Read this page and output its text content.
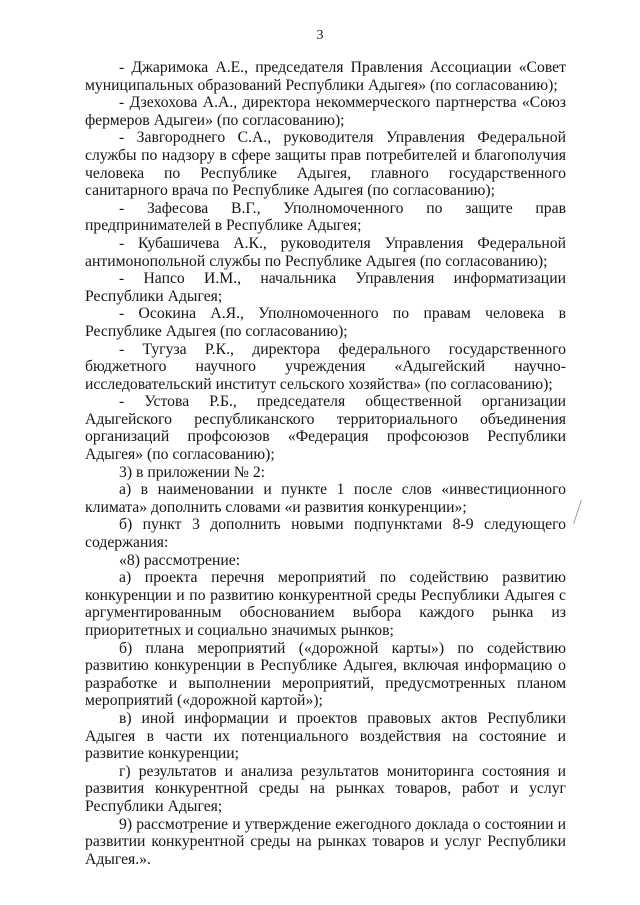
3

- Джаримока А.Е., председателя Правления Ассоциации «Совет муниципальных образований Республики Адыгея» (по согласованию);

- Дзехохова А.А., директора некоммерческого партнерства «Союз фермеров Адыгеи» (по согласованию);

- Завгороднего С.А., руководителя Управления Федеральной службы по надзору в сфере защиты прав потребителей и благополучия человека по Республике Адыгея, главного государственного санитарного врача по Республике Адыгея (по согласованию);

- Зафесова В.Г., Уполномоченного по защите прав предпринимателей в Республике Адыгея;

- Кубашичева А.К., руководителя Управления Федеральной антимонопольной службы по Республике Адыгея (по согласованию);

- Напсо И.М., начальника Управления информатизации Республики Адыгея;

- Осокина А.Я., Уполномоченного по правам человека в Республике Адыгея (по согласованию);

- Тугуза Р.К., директора федерального государственного бюджетного научного учреждения «Адыгейский научно-исследовательский институт сельского хозяйства» (по согласованию);

- Устова Р.Б., председателя общественной организации Адыгейского республиканского территориального объединения организаций профсоюзов «Федерация профсоюзов Республики Адыгея» (по согласованию);

3) в приложении № 2:

а) в наименовании и пункте 1 после слов «инвестиционного климата» дополнить словами «и развития конкуренции»;

б) пункт 3 дополнить новыми подпунктами 8-9 следующего содержания:

«8) рассмотрение:

а) проекта перечня мероприятий по содействию развитию конкуренции и по развитию конкурентной среды Республики Адыгея с аргументированным обоснованием выбора каждого рынка из приоритетных и социально значимых рынков;

б) плана мероприятий («дорожной карты») по содействию развитию конкуренции в Республике Адыгея, включая информацию о разработке и выполнении мероприятий, предусмотренных планом мероприятий («дорожной картой»);

в) иной информации и проектов правовых актов Республики Адыгея в части их потенциального воздействия на состояние и развитие конкуренции;

г) результатов и анализа результатов мониторинга состояния и развития конкурентной среды на рынках товаров, работ и услуг Республики Адыгея;

9) рассмотрение и утверждение ежегодного доклада о состоянии и развитии конкурентной среды на рынках товаров и услуг Республики Адыгея.».
